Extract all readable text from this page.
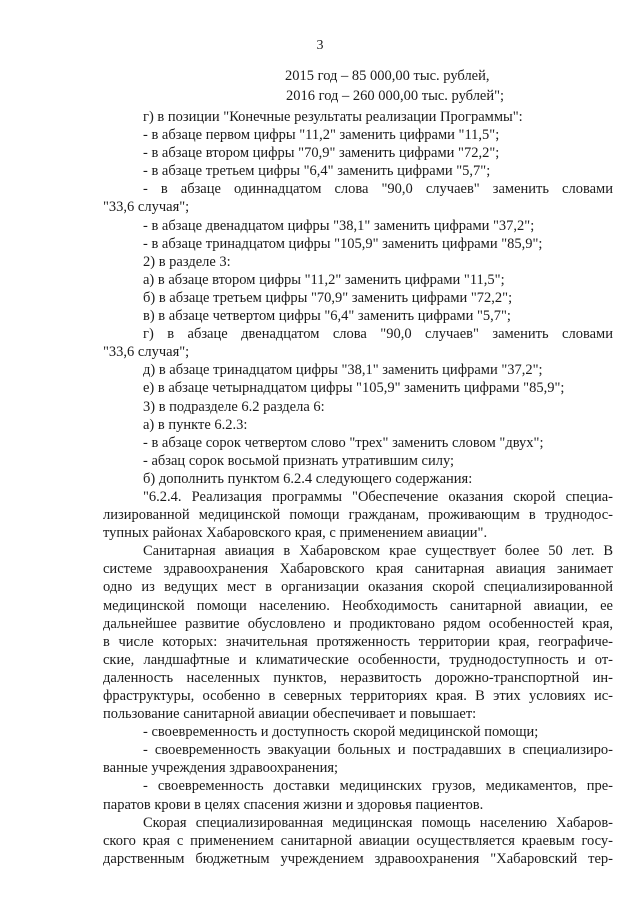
3
2015 год – 85 000,00 тыс. рублей,
2016 год – 260 000,00 тыс. рублей";
г) в позиции "Конечные результаты реализации Программы":
- в абзаце первом цифры "11,2" заменить цифрами "11,5";
- в абзаце втором цифры "70,9" заменить цифрами "72,2";
- в абзаце третьем цифры "6,4" заменить цифрами "5,7";
- в абзаце одиннадцатом слова "90,0 случаев" заменить словами
"33,6 случая";
- в абзаце двенадцатом цифры "38,1" заменить цифрами "37,2";
- в абзаце тринадцатом цифры "105,9" заменить цифрами "85,9";
2) в разделе 3:
а) в абзаце втором цифры "11,2" заменить цифрами "11,5";
б) в абзаце третьем цифры "70,9" заменить цифрами "72,2";
в) в абзаце четвертом цифры "6,4" заменить цифрами "5,7";
г) в абзаце двенадцатом слова "90,0 случаев" заменить словами
"33,6 случая";
д) в абзаце тринадцатом цифры "38,1" заменить цифрами "37,2";
е) в абзаце четырнадцатом цифры "105,9" заменить цифрами "85,9";
3) в подразделе 6.2 раздела 6:
а) в пункте 6.2.3:
- в абзаце сорок четвертом слово "трех" заменить словом "двух";
- абзац сорок восьмой признать утратившим силу;
б) дополнить пунктом 6.2.4 следующего содержания:
"6.2.4. Реализация программы "Обеспечение оказания скорой специа-
лизированной медицинской помощи гражданам, проживающим в труднодос-
тупных районах Хабаровского края, с применением авиации".
Санитарная авиация в Хабаровском крае существует более 50 лет. В
системе здравоохранения Хабаровского края санитарная авиация занимает
одно из ведущих мест в организации оказания скорой специализированной
медицинской помощи населению. Необходимость санитарной авиации, ее
дальнейшее развитие обусловлено и продиктовано рядом особенностей края,
в числе которых: значительная протяженность территории края, географиче-
ские, ландшафтные и климатические особенности, труднодоступность и от-
даленность населенных пунктов, неразвитость дорожно-транспортной ин-
фраструктуры, особенно в северных территориях края. В этих условиях ис-
пользование санитарной авиации обеспечивает и повышает:
- своевременность и доступность скорой медицинской помощи;
- своевременность эвакуации больных и пострадавших в специализиро-
ванные учреждения здравоохранения;
- своевременность доставки медицинских грузов, медикаментов, пре-
паратов крови в целях спасения жизни и здоровья пациентов.
Скорая специализированная медицинская помощь населению Хабаров-
ского края с применением санитарной авиации осуществляется краевым госу-
дарственным бюджетным учреждением здравоохранения "Хабаровский тер-
